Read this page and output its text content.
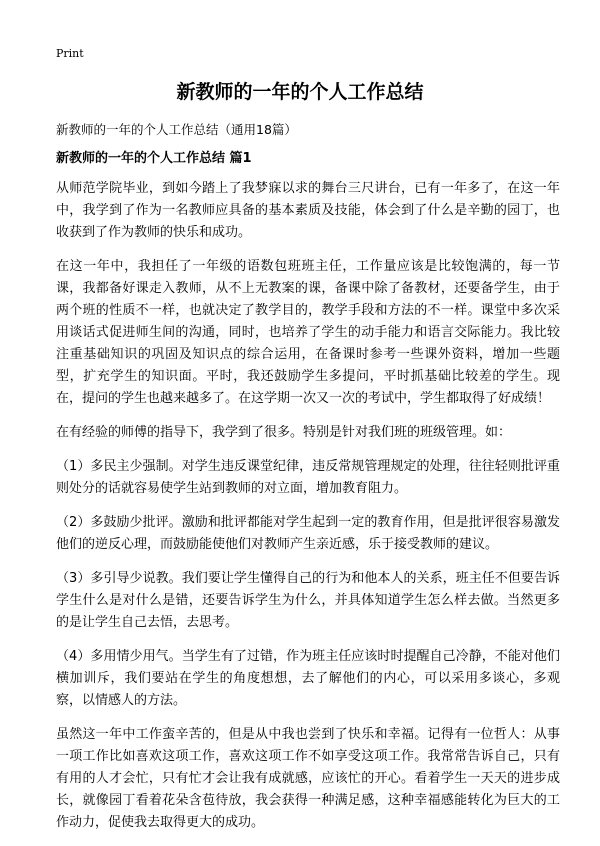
Print
新教师的一年的个人工作总结

新教师的一年的个人工作总结（通用18篇）

新教师的一年的个人工作总结 篇1

从师范学院毕业，到如今踏上了我梦寐以求的舞台三尺讲台，已有一年多了，在这一年中，我学到了作为一名教师应具备的基本素质及技能，体会到了什么是辛勤的园丁，也收获到了作为教师的快乐和成功。

在这一年中，我担任了一年级的语数包班班主任，工作量应该是比较饱满的，每一节课，我都备好课走入教师，从不上无教案的课，备课中除了备教材，还要备学生，由于两个班的性质不一样，也就决定了教学目的，教学手段和方法的不一样。课堂中多次采用谈话式促进师生间的沟通，同时，也培养了学生的动手能力和语言交际能力。我比较注重基础知识的巩固及知识点的综合运用，在备课时参考一些课外资料，增加一些题型，扩充学生的知识面。平时，我还鼓励学生多提问，平时抓基础比较差的学生。现在，提问的学生也越来越多了。在这学期一次又一次的考试中，学生都取得了好成绩！

在有经验的师傅的指导下，我学到了很多。特别是针对我们班的班级管理。如：

（1）多民主少强制。对学生违反课堂纪律，违反常规管理规定的处理，往往轻则批评重则处分的话就容易使学生站到教师的对立面，增加教育阻力。

（2）多鼓励少批评。激励和批评都能对学生起到一定的教育作用，但是批评很容易激发他们的逆反心理，而鼓励能使他们对教师产生亲近感，乐于接受教师的建议。

（3）多引导少说教。我们要让学生懂得自己的行为和他本人的关系，班主任不但要告诉学生什么是对什么是错，还要告诉学生为什么，并具体知道学生怎么样去做。当然更多的是让学生自己去悟，去思考。

（4）多用情少用气。当学生有了过错，作为班主任应该时时提醒自己冷静，不能对他们横加训斥，我们要站在学生的角度想想，去了解他们的内心，可以采用多谈心，多观察，以情感人的方法。

虽然这一年中工作蛮辛苦的，但是从中我也尝到了快乐和幸福。记得有一位哲人：从事一项工作比如喜欢这项工作，喜欢这项工作不如享受这项工作。我常常告诉自己，只有有用的人才会忙，只有忙才会让我有成就感，应该忙的开心。看着学生一天天的进步成长，就像园丁看着花朵含苞待放，我会获得一种满足感，这种幸福感能转化为巨大的工作动力，促使我去取得更大的成功。
